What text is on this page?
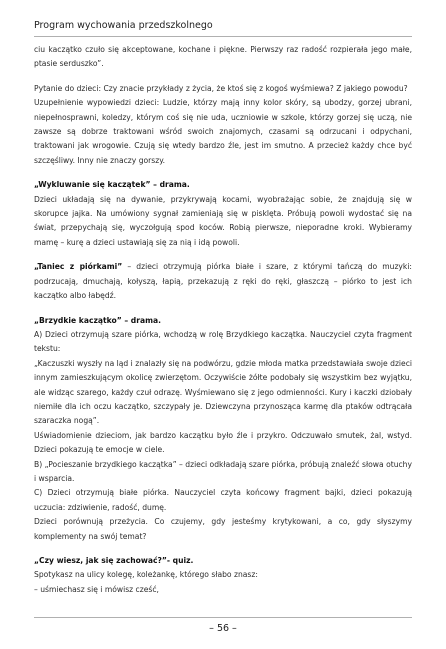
Program wychowania przedszkolnego

ciu kaczątko czuło się akceptowane, kochane i piękne. Pierwszy raz radość rozpierała jego małe, ptasie serduszko”.

Pytanie do dzieci: Czy znacie przykłady z życia, że ktoś się z kogoś wyśmiewa? Z jakiego powodu?

Uzupełnienie wypowiedzi dzieci: Ludzie, którzy mają inny kolor skóry, są ubodzy, gorzej ubrani, niepełnosprawni, koledzy, którym coś się nie uda, uczniowie w szkole, którzy gorzej się uczą, nie zawsze są dobrze traktowani wśród swoich znajomych, czasami są odrzucani i odpychani, traktowani jak wrogowie. Czują się wtedy bardzo źle, jest im smutno. A przecież każdy chce być szczęśliwy. Inny nie znaczy gorszy.

„Wykluwanie się kaczątek” – drama.

Dzieci układają się na dywanie, przykrywają kocami, wyobrażając sobie, że znajdują się w skorupce jajka. Na umówiony sygnał zamieniają się w pisklęta. Próbują powoli wydostać się na świat, przepychają się, wyczołgują spod koców. Robią pierwsze, nieporadne kroki. Wybieramy mamę – kurę a dzieci ustawiają się za nią i idą powoli.

„Taniec z piórkami” – dzieci otrzymują piórka białe i szare, z którymi tańczą do muzyki: podrzucają, dmuchają, kołyszą, łapią, przekazują z ręki do ręki, głaszczą – piórko to jest ich kaczątko albo łabędź.

„Brzydkie kaczątko” – drama.

A) Dzieci otrzymują szare piórka, wchodzą w rolę Brzydkiego kaczątka. Nauczyciel czyta fragment tekstu:

„Kaczuszki wyszły na ląd i znalazły się na podwórzu, gdzie młoda matka przedstawiała swoje dzieci innym zamieszkującym okolicę zwierzętom. Oczywiście żółte podobały się wszystkim bez wyjątku, ale widząc szarego, każdy czuł odrazę. Wyśmiewano się z jego odmienności. Kury i kaczki dziobały niemiłe dla ich oczu kaczątko, szczypały je. Dziewczyna przynosząca karmę dla ptaków odtrącała szaraczka nogą”.

Uświadomienie dzieciom, jak bardzo kaczątku było źle i przykro. Odczuwało smutek, żal, wstyd. Dzieci pokazują te emocje w ciele.

B) „Pocieszanie brzydkiego kaczątka” – dzieci odkładają szare piórka, próbują znaleźć słowa otuchy i wsparcia.

C) Dzieci otrzymują białe piórka. Nauczyciel czyta końcowy fragment bajki, dzieci pokazują uczucia: zdziwienie, radość, dumę.

Dzieci porównują przeżycia. Co czujemy, gdy jesteśmy krytykowani, a co, gdy słyszymy komplementy na swój temat?

„Czy wiesz, jak się zachować?”- quiz.

Spotykasz na ulicy kolegę, koleżankę, którego słabo znasz:

– uśmiechasz się i mówisz cześć,

– 56 –
